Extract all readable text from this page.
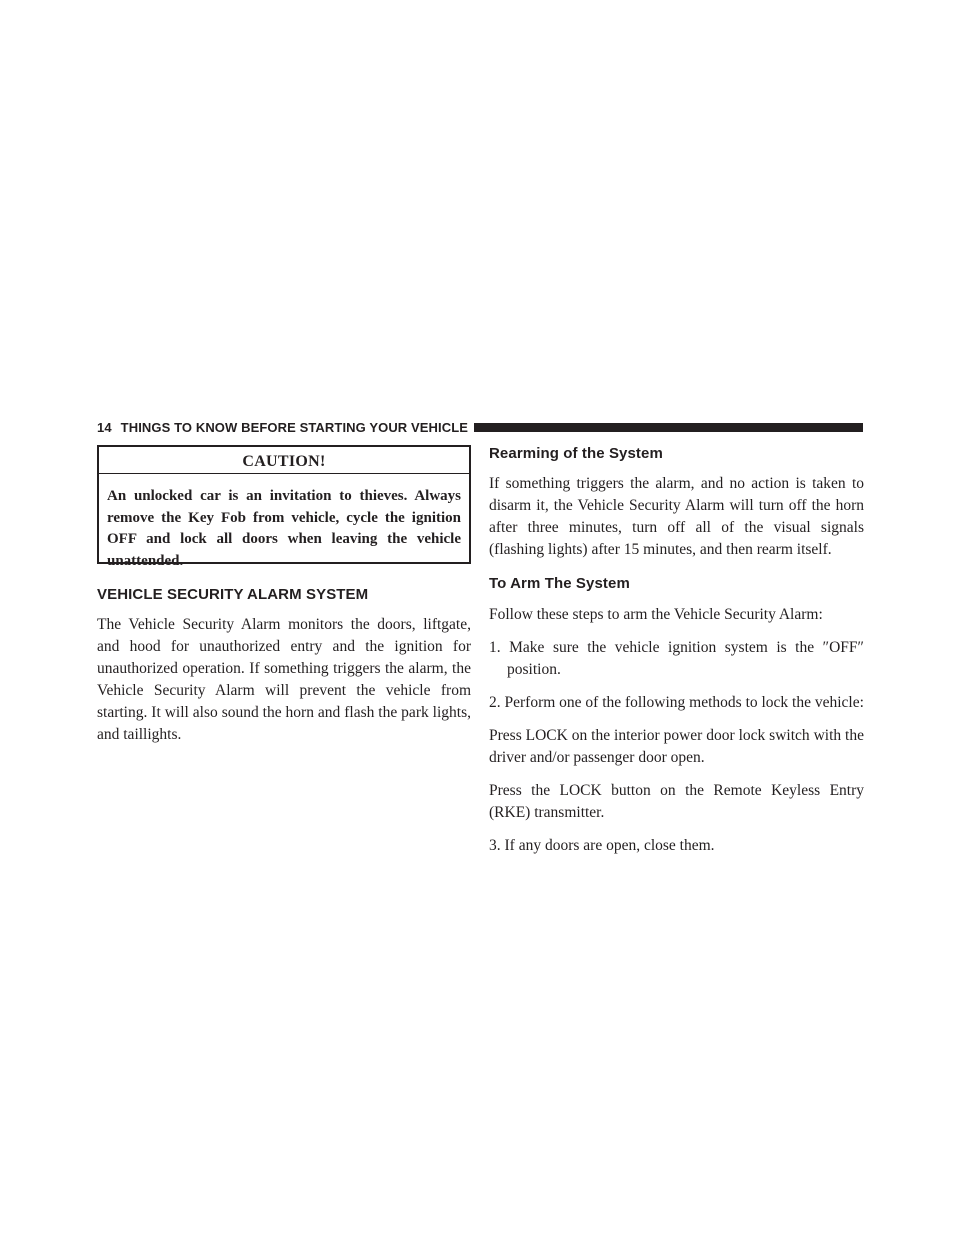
14 THINGS TO KNOW BEFORE STARTING YOUR VEHICLE
CAUTION!
An unlocked car is an invitation to thieves. Always remove the Key Fob from vehicle, cycle the ignition OFF and lock all doors when leaving the vehicle unattended.
VEHICLE SECURITY ALARM SYSTEM

The Vehicle Security Alarm monitors the doors, liftgate, and hood for unauthorized entry and the ignition for unauthorized operation. If something triggers the alarm, the Vehicle Security Alarm will prevent the vehicle from starting. It will also sound the horn and flash the park lights, and taillights.

Rearming of the System

If something triggers the alarm, and no action is taken to disarm it, the Vehicle Security Alarm will turn off the horn after three minutes, turn off all of the visual signals (flashing lights) after 15 minutes, and then rearm itself.

To Arm The System

Follow these steps to arm the Vehicle Security Alarm:

1. Make sure the vehicle ignition system is the ″OFF″ position.

2. Perform one of the following methods to lock the vehicle:

Press LOCK on the interior power door lock switch with the driver and/or passenger door open.

Press the LOCK button on the Remote Keyless Entry (RKE) transmitter.

3. If any doors are open, close them.
